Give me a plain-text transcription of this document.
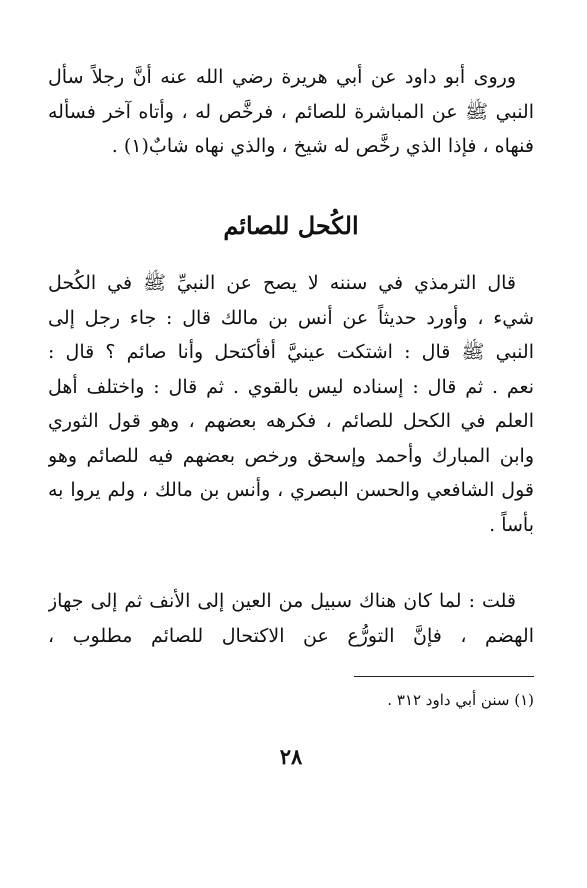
وروى أبو داود عن أبي هريرة رضي الله عنه أنَّ رجلاً سأل
النبي ﷺ عن المباشرة للصائم ، فرخَّص له ، وأتاه آخر فسأله
فنهاه ، فإذا الذي رخَّص له شيخ ، والذي نهاه شابٌ(١) .
الكُحل للصائم
قال الترمذي في سننه لا يصح عن النبيِّ ﷺ في الكُحل
شيء ، وأورد حديثاً عن أنس بن مالك قال : جاء رجل إلى
النبي ﷺ قال : اشتكت عينيَّ أفأكتحل وأنا صائم ؟ قال :
نعم . ثم قال : إسناده ليس بالقوي . ثم قال : واختلف أهل
العلم في الكحل للصائم ، فكرهه بعضهم ، وهو قول الثوري
وابن المبارك وأحمد وإسحق ورخص بعضهم فيه للصائم وهو
قول الشافعي والحسن البصري ، وأنس بن مالك ، ولم يروا به
بأساً .
قلت : لما كان هناك سبيل من العين إلى الأنف ثم إلى جهاز
الهضم ، فإنَّ التورُّع عن الاكتحال للصائم مطلوب ،
(١) سنن أبي داود ٣١٢ .
٢٨
